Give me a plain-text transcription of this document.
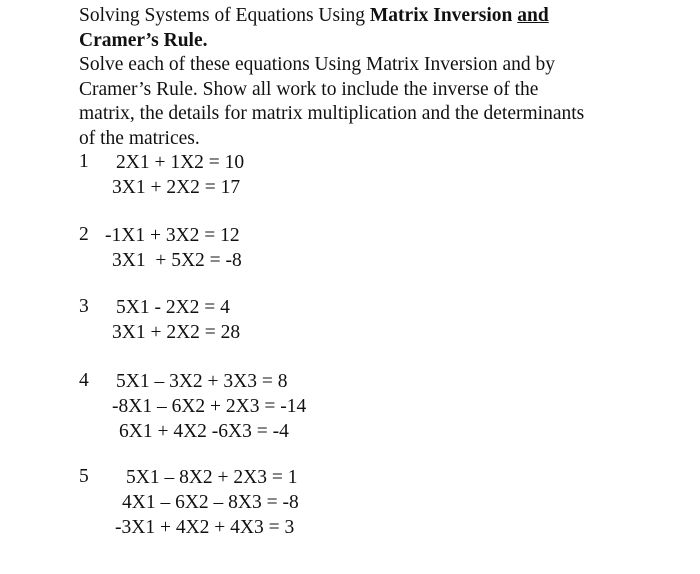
Solving Systems of Equations Using Matrix Inversion and
Cramer’s Rule.

Solve each of these equations Using Matrix Inversion and by
Cramer’s Rule. Show all work to include the inverse of the
matrix, the details for matrix multiplication and the determinants
of the matrices.

1	2X1 + 1X2 = 10
3X1 + 2X2 = 17
2 -1X1 + 3X2 = 12
3X1  + 5X2 = -8
3	5X1 - 2X2 = 4
3X1 + 2X2 = 28
4	5X1 – 3X2 + 3X3 = 8
-8X1 – 6X2 + 2X3 = -14
6X1 + 4X2 -6X3 = -4
5	5X1 – 8X2 + 2X3 = 1
4X1 – 6X2 – 8X3 = -8
-3X1 + 4X2 + 4X3 = 3
